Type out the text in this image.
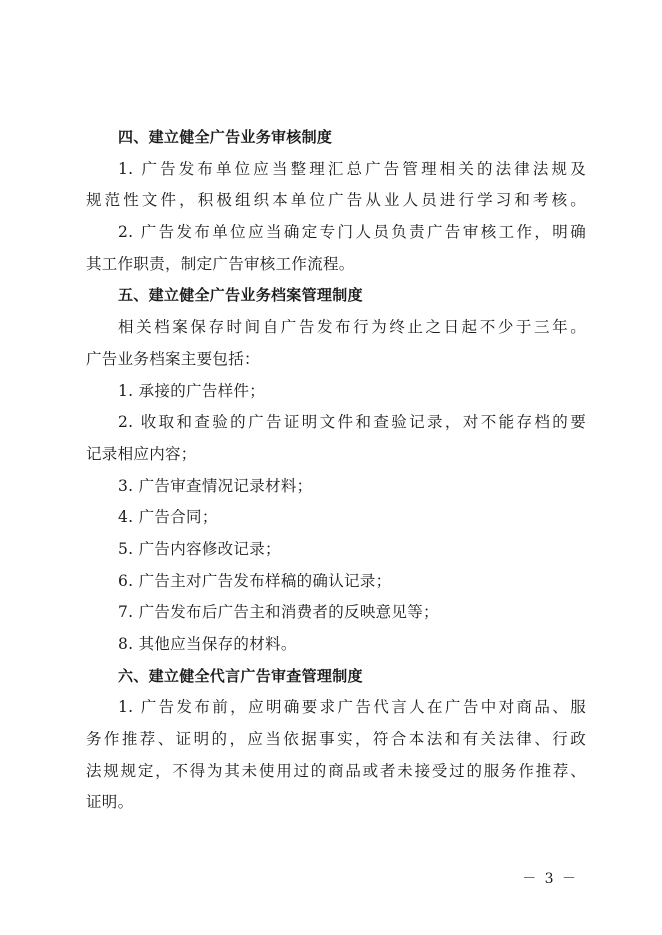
四、建立健全广告业务审核制度
1. 广告发布单位应当整理汇总广告管理相关的法律法规及
规范性文件，积极组织本单位广告从业人员进行学习和考核。
2. 广告发布单位应当确定专门人员负责广告审核工作，明确
其工作职责，制定广告审核工作流程。
五、建立健全广告业务档案管理制度
相关档案保存时间自广告发布行为终止之日起不少于三年。
广告业务档案主要包括：
1. 承接的广告样件；
2. 收取和查验的广告证明文件和查验记录，对不能存档的要
记录相应内容；
3. 广告审查情况记录材料；
4. 广告合同；
5. 广告内容修改记录；
6. 广告主对广告发布样稿的确认记录；
7. 广告发布后广告主和消费者的反映意见等；
8. 其他应当保存的材料。
六、建立健全代言广告审查管理制度
1. 广告发布前，应明确要求广告代言人在广告中对商品、服
务作推荐、证明的，应当依据事实，符合本法和有关法律、行政
法规规定，不得为其未使用过的商品或者未接受过的服务作推荐、
证明。
－ 3 －
